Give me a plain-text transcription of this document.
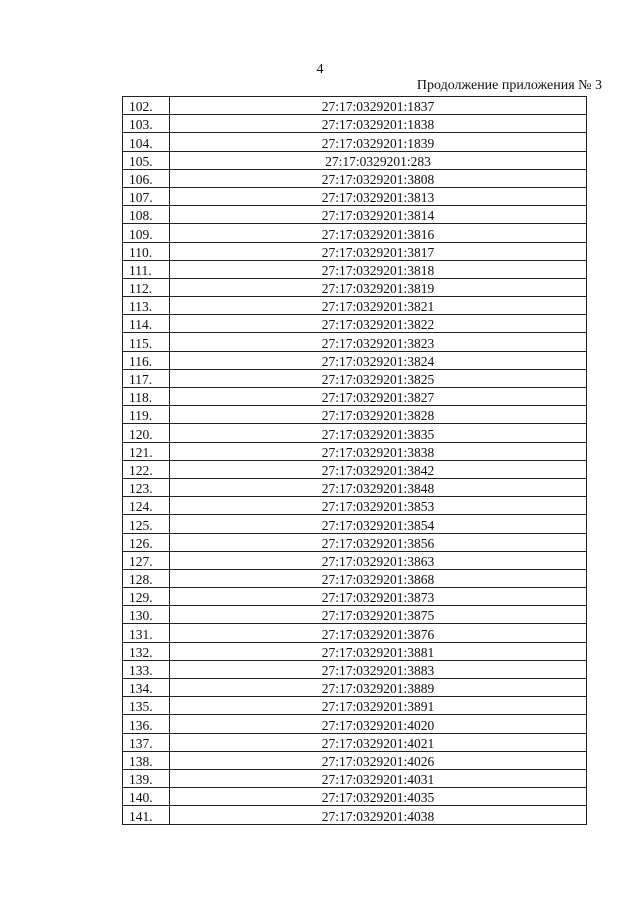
4
Продолжение приложения № 3
102.	27:17:0329201:1837
103.	27:17:0329201:1838
104.	27:17:0329201:1839
105.	27:17:0329201:283
106.	27:17:0329201:3808
107.	27:17:0329201:3813
108.	27:17:0329201:3814
109.	27:17:0329201:3816
110.	27:17:0329201:3817
111.	27:17:0329201:3818
112.	27:17:0329201:3819
113.	27:17:0329201:3821
114.	27:17:0329201:3822
115.	27:17:0329201:3823
116.	27:17:0329201:3824
117.	27:17:0329201:3825
118.	27:17:0329201:3827
119.	27:17:0329201:3828
120.	27:17:0329201:3835
121.	27:17:0329201:3838
122.	27:17:0329201:3842
123.	27:17:0329201:3848
124.	27:17:0329201:3853
125.	27:17:0329201:3854
126.	27:17:0329201:3856
127.	27:17:0329201:3863
128.	27:17:0329201:3868
129.	27:17:0329201:3873
130.	27:17:0329201:3875
131.	27:17:0329201:3876
132.	27:17:0329201:3881
133.	27:17:0329201:3883
134.	27:17:0329201:3889
135.	27:17:0329201:3891
136.	27:17:0329201:4020
137.	27:17:0329201:4021
138.	27:17:0329201:4026
139.	27:17:0329201:4031
140.	27:17:0329201:4035
141.	27:17:0329201:4038
